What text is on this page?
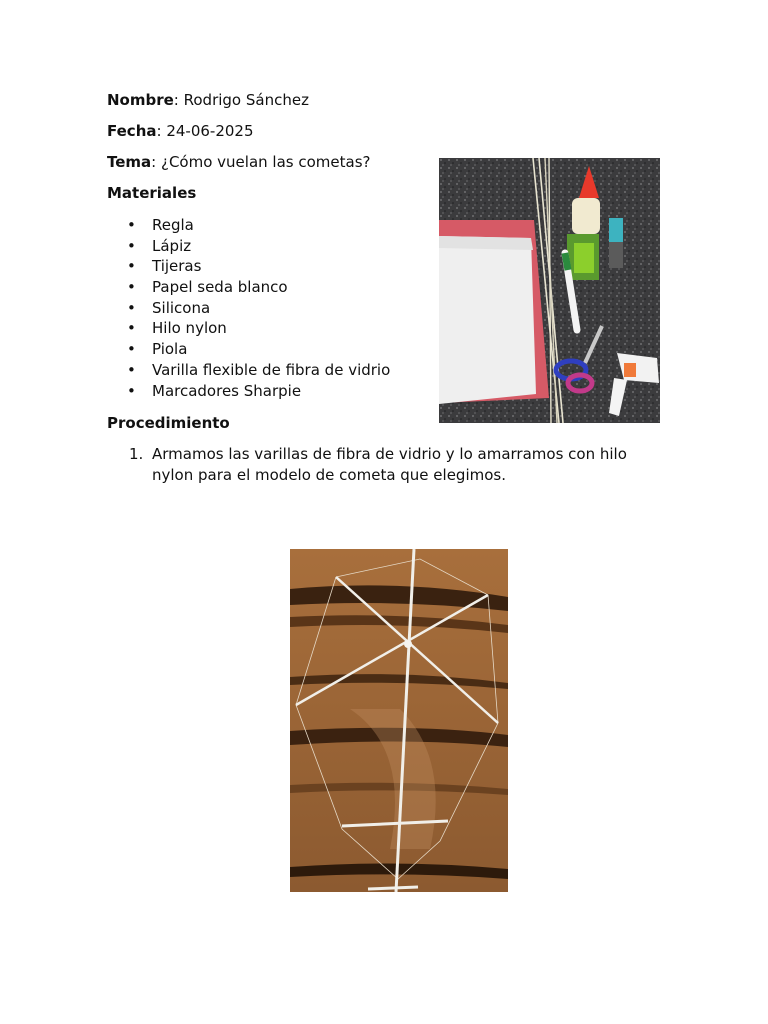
Nombre: Rodrigo Sánchez
Fecha: 24-06-2025
Tema: ¿Cómo vuelan las cometas?
Materiales
• Regla
• Lápiz
• Tijeras
• Papel seda blanco
• Silicona
• Hilo nylon
• Piola
• Varilla flexible de fibra de vidrio
• Marcadores Sharpie
Procedimiento
1. Armamos las varillas de fibra de vidrio y lo amarramos con hilo nylon para el modelo de cometa que elegimos.
